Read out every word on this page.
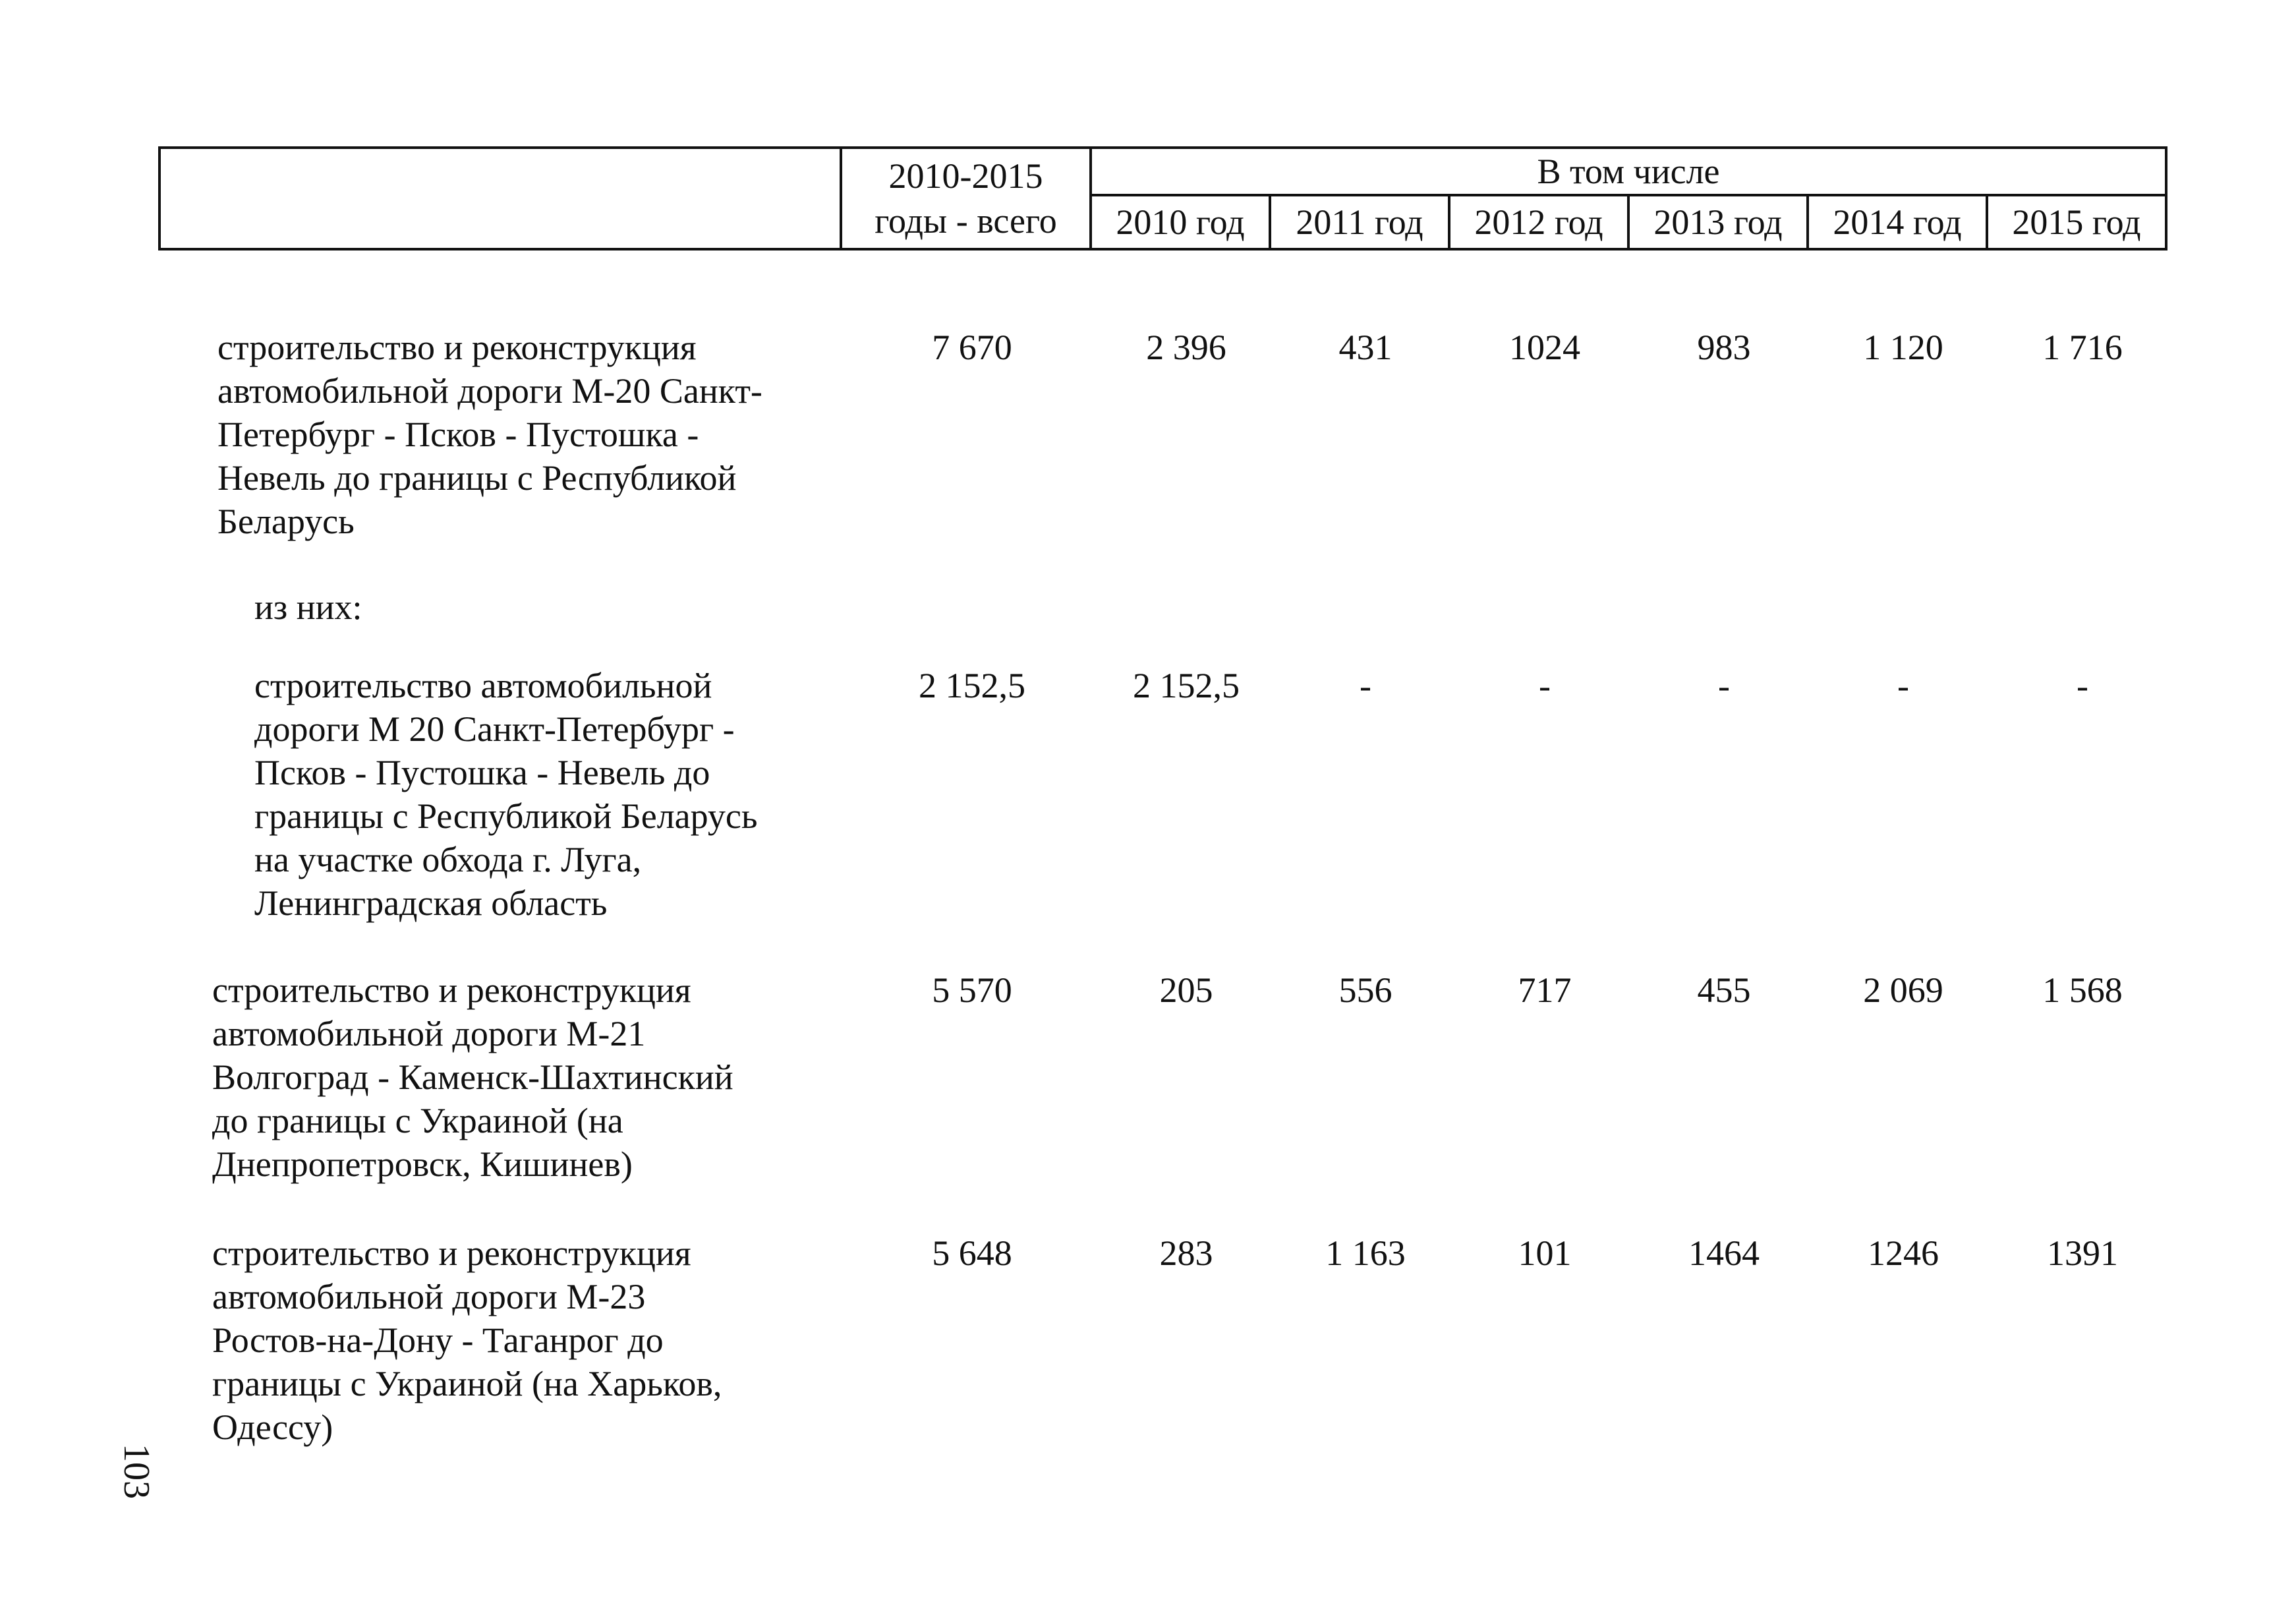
	2010-2015
годы - всего	В том числе					
		2010 год	2011 год	2012 год	2013 год	2014 год	2015 год
строительство и реконструкция
автомобильной дороги М-20 Санкт-
Петербург - Псков - Пустошка -
Невель до границы с Республикой
Беларусь
7 670	2 396	431	1024	983	1 120	1 716
из них:
строительство автомобильной
дороги М 20 Санкт-Петербург -
Псков - Пустошка - Невель до
границы с Республикой Беларусь
на участке обхода г. Луга,
Ленинградская область
2 152,5	2 152,5	-	-	-	-	-
строительство и реконструкция
автомобильной дороги М-21
Волгоград - Каменск-Шахтинский
до границы с Украиной (на
Днепропетровск, Кишинев)
5 570	205	556	717	455	2 069	1 568
строительство и реконструкция
автомобильной дороги М-23
Ростов-на-Дону - Таганрог до
границы с Украиной (на Харьков,
Одессу)
5 648	283	1 163	101	1464	1246	1391
103
